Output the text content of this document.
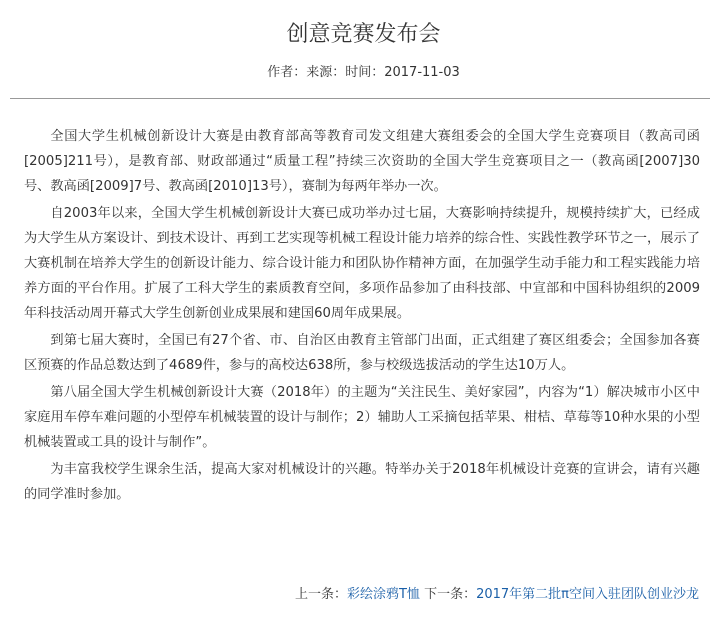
创意竞赛发布会
作者：来源：时间：2017-11-03

全国大学生机械创新设计大赛是由教育部高等教育司发文组建大赛组委会的全国大学生竞赛项目（教高司函[2005]211号），是教育部、财政部通过“质量工程”持续三次资助的全国大学生竞赛项目之一（教高函[2007]30号、教高函[2009]7号、教高函[2010]13号），赛制为每两年举办一次。

自2003年以来，全国大学生机械创新设计大赛已成功举办过七届，大赛影响持续提升，规模持续扩大，已经成为大学生从方案设计、到技术设计、再到工艺实现等机械工程设计能力培养的综合性、实践性教学环节之一，展示了大赛机制在培养大学生的创新设计能力、综合设计能力和团队协作精神方面，在加强学生动手能力和工程实践能力培养方面的平台作用。扩展了工科大学生的素质教育空间，多项作品参加了由科技部、中宣部和中国科协组织的2009年科技活动周开幕式大学生创新创业成果展和建国60周年成果展。

到第七届大赛时，全国已有27个省、市、自治区由教育主管部门出面，正式组建了赛区组委会；全国参加各赛区预赛的作品总数达到了4689件，参与的高校达638所，参与校级选拔活动的学生达10万人。

第八届全国大学生机械创新设计大赛（2018年）的主题为“关注民生、美好家园”，内容为“1）解决城市小区中家庭用车停车难问题的小型停车机械装置的设计与制作；2）辅助人工采摘包括苹果、柑桔、草莓等10种水果的小型机械装置或工具的设计与制作”。

为丰富我校学生课余生活，提高大家对机械设计的兴趣。特举办关于2018年机械设计竞赛的宣讲会，请有兴趣的同学准时参加。

上一条：彩绘涂鸦T恤 下一条：2017年第二批π空间入驻团队创业沙龙
